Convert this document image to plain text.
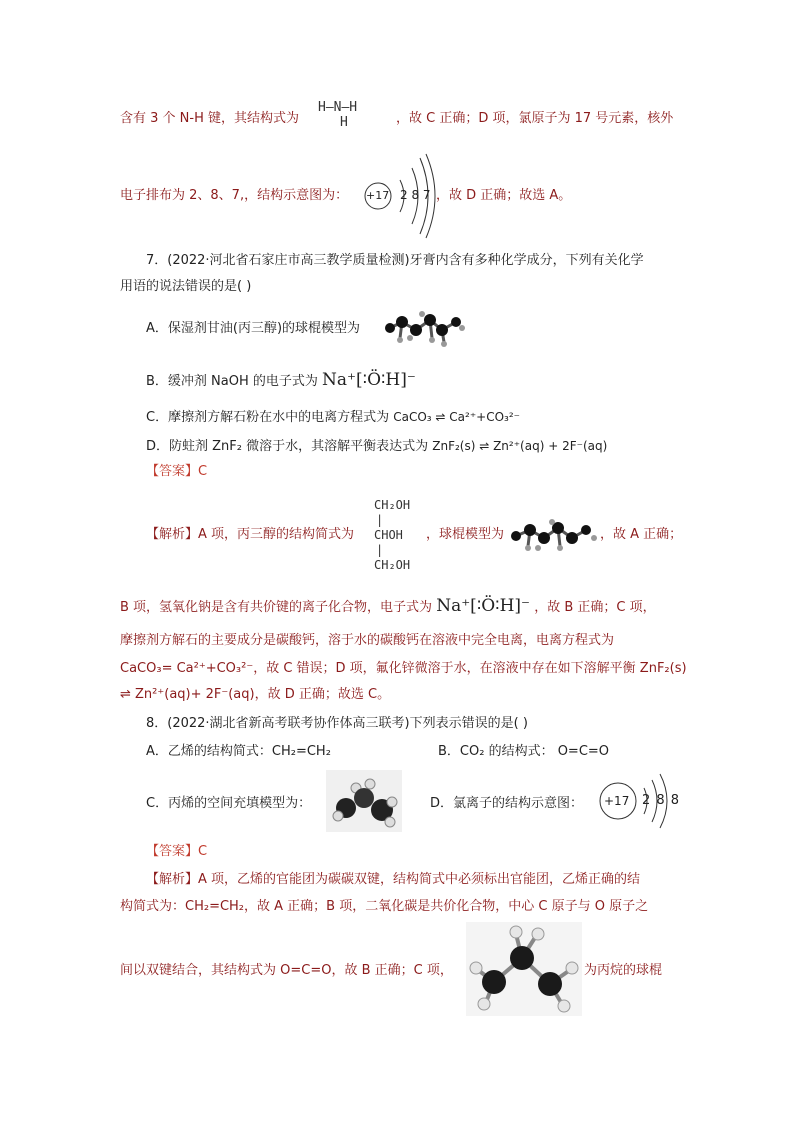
含有 3 个 N-H 键，其结构式为
H—N—H
H	，故 C 正确；D 项，氯原子为 17 号元素，核外
电子排布为 2、8、7,，结构示意图为： +17 2 8 7 ，故 D 正确；故选 A。
7．(2022·河北省石家庄市高三教学质量检测)牙膏内含有多种化学成分，下列有关化学
用语的说法错误的是( )
A．保湿剂甘油(丙三醇)的球棍模型为
B．缓冲剂 NaOH 的电子式为 Na⁺[∶Ö∶H]⁻
C．摩擦剂方解石粉在水中的电离方程式为 CaCO₃ ⇌ Ca²⁺+CO₃²⁻
D．防蛀剂 ZnF₂ 微溶于水，其溶解平衡表达式为 ZnF₂(s) ⇌ Zn²⁺(aq) + 2F⁻(aq)
【答案】C
【解析】A 项，丙三醇的结构简式为
CH₂OH
|
CHOH
|
CH₂OH
，球棍模型为	，故 A 正确；
B 项，氢氧化钠是含有共价键的离子化合物，电子式为 Na⁺[∶Ö∶H]⁻ ，故 B 正确；C 项，
摩擦剂方解石的主要成分是碳酸钙，溶于水的碳酸钙在溶液中完全电离，电离方程式为
CaCO₃= Ca²⁺+CO₃²⁻，故 C 错误；D 项，氟化锌微溶于水，在溶液中存在如下溶解平衡 ZnF₂(s)
⇌ Zn²⁺(aq)+ 2F⁻(aq)，故 D 正确；故选 C。
8．(2022·湖北省新高考联考协作体高三联考)下列表示错误的是( )
A．乙烯的结构简式：CH₂=CH₂	B．CO₂ 的结构式： O=C=O
C．丙烯的空间充填模型为：	D．氯离子的结构示意图： +17 2 8 8
【答案】C
【解析】A 项，乙烯的官能团为碳碳双键，结构简式中必须标出官能团，乙烯正确的结
构简式为：CH₂=CH₂，故 A 正确；B 项，二氧化碳是共价化合物，中心 C 原子与 O 原子之
间以双键结合，其结构式为 O=C=O，故 B 正确；C 项，	为丙烷的球棍
